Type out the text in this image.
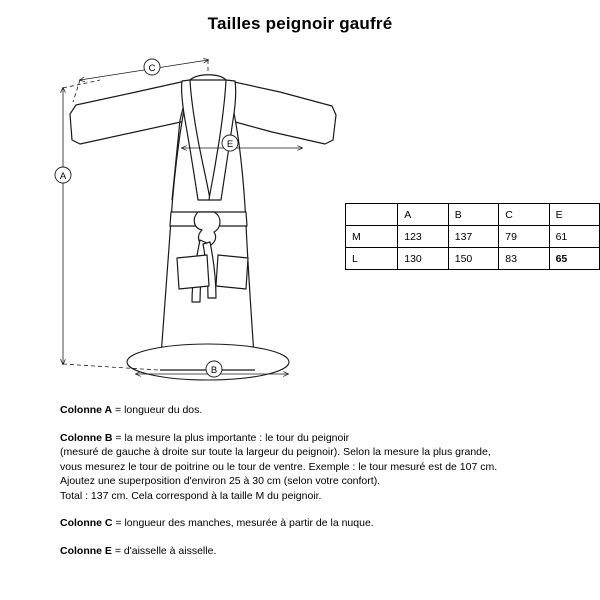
Tailles peignoir gaufré
A
C
E
B
	A	B	C	E
M	123	137	79	61
L	130	150	83	65
Colonne A = longueur du dos.
Colonne B = la mesure la plus importante : le tour du peignoir
(mesuré de gauche à droite sur toute la largeur du peignoir). Selon la mesure la plus grande,
vous mesurez le tour de poitrine ou le tour de ventre. Exemple : le tour mesuré est de 107 cm.
Ajoutez une superposition d'environ 25 à 30 cm (selon votre confort).
Total : 137 cm. Cela correspond à la taille M du peignoir.
Colonne C = longueur des manches, mesurée à partir de la nuque.
Colonne E = d'aisselle à aisselle.
